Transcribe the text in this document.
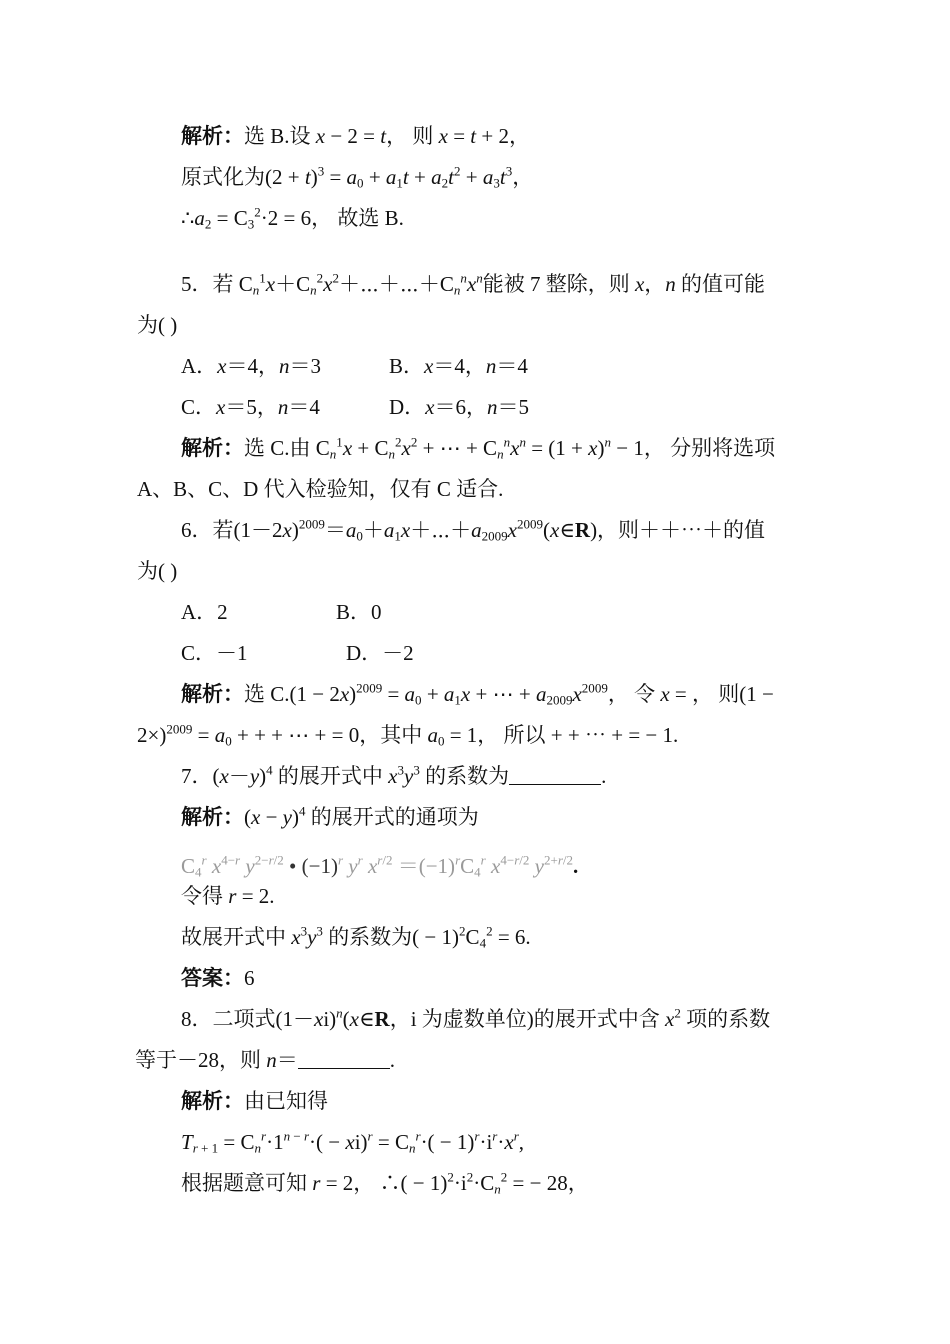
解析：选 B.设 x − 2 = t， 则 x = t + 2，
原式化为$(2 + t)^3 = a_0 + a_1t + a_2t^2 + a_3t^3$，
$\therefore a_2 = C_3^2\cdot 2 = 6$， 故选 B.
5．若 $C_n^1x+C_n^2x^2+\cdots+\cdots+C_n^nx^n$能被 7 整除，则 x，n 的值可能
为( )
A．x＝4，n＝3	B．x＝4，n＝4
C．x＝5，n＝4	D．x＝6，n＝5
解析：选 C.由 $C_n^1x + C_n^2x^2$ + ⋯ + $C_n^nx^n = (1 + x)^n - 1$， 分别将选项
A、B、C、D 代入检验知，仅有 C 适合.
6．若$(1-2x)^{2009}=a_0+a_1x+\cdots+a_{2009}x^{2009}(x\in R)$，则＋＋⋯＋的值
为( )
A．2	B．0
C．－1	D．－2
解析：选 $C.(1 - 2x)^{2009} = a_0 + a_1x$ + ⋯ + $a_{2009}x^{2009}$， 令 x = ， 则(1 −
$2\times)^{2009} = a_0$ + + + ⋯ + = 0，其中 $a_0 = 1$， 所以 + + ⋯ + = − 1.
7．$(x-y)^4$ 的展开式中 $x^3y^3$ 的系数为	.
解析：$(x - y)^4$ 的展开式的通项为
$C_4^r$ $x^{4-r}$ $y^{2-r/2}$ • $(-1)^r$ $y^r$ $x^{r/2} =(-1)^rC_4^r$ $x^{4-r/2}$ $y^{2+r/2}$.
令得 r = 2.
故展开式中 $x^3y^3$ 的系数为( − $1)^2C_4^2 = 6$.
答案：6
8．二项式$(1-xi)^n(x\in R$，i 为虚数单位)的展开式中含 $x^2$ 项的系数
等于－28，则 n＝	.
解析：由已知得
$T_{r + 1} = C_n^r\cdot 1^{n - r}\cdot( - xi)^r = C_n^r\cdot( - 1)^r\cdot i^r\cdot x^r$,
根据题意可知 r = 2， ∴( − $1)^2\cdot i^2\cdot C_n^2$ = − 28，
